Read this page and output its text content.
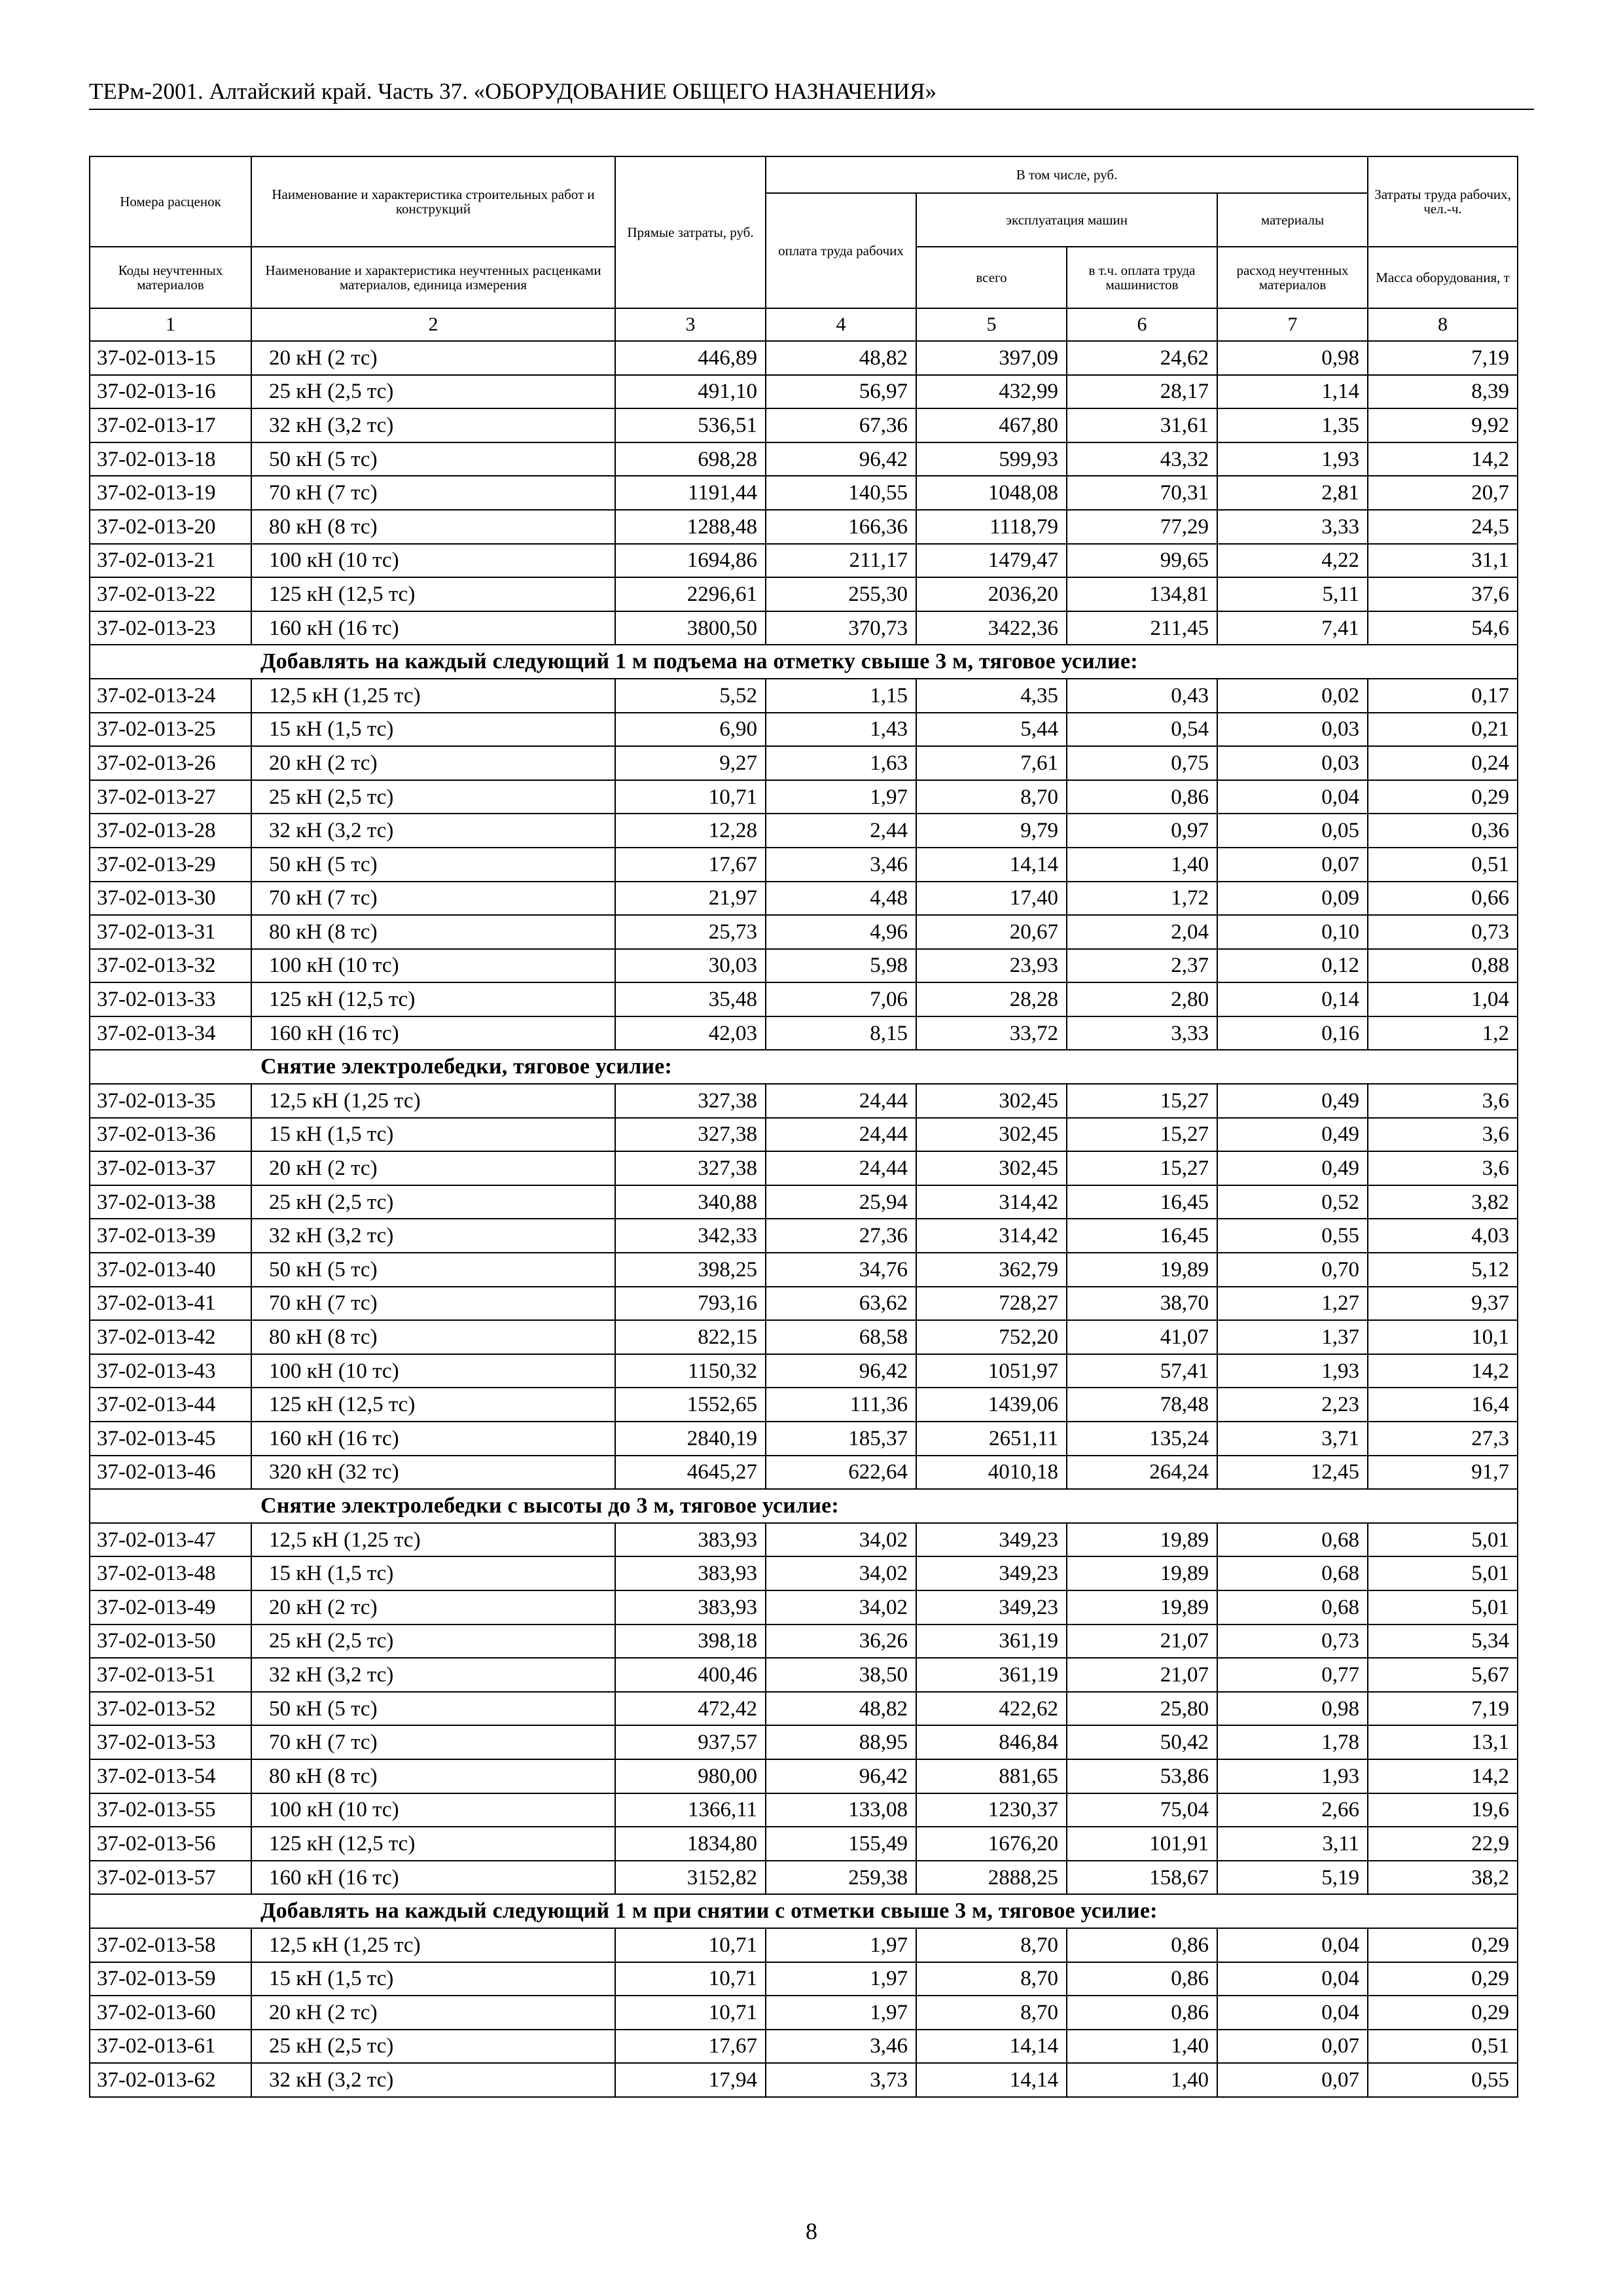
ТЕРм-2001. Алтайский край. Часть 37. «ОБОРУДОВАНИЕ ОБЩЕГО НАЗНАЧЕНИЯ»
Номера расценок	Наименование и характеристика строительных работ и конструкций	Прямые затраты, руб.	В том числе, руб.				Затраты труда рабочих, чел.-ч.
			оплата труда рабочих	эксплуатация машин		материалы	
Коды неучтенных материалов	Наименование и характеристика неучтенных расценками материалов, единица измерения			всего	в т.ч. оплата труда машинистов	расход неучтенных материалов	Масса оборудования, т
1	2	3	4	5	6	7	8
37-02-013-15	20 кН (2 тс)	446,89	48,82	397,09	24,62	0,98	7,19
37-02-013-16	25 кН (2,5 тс)	491,10	56,97	432,99	28,17	1,14	8,39
37-02-013-17	32 кН (3,2 тс)	536,51	67,36	467,80	31,61	1,35	9,92
37-02-013-18	50 кН (5 тс)	698,28	96,42	599,93	43,32	1,93	14,2
37-02-013-19	70 кН (7 тс)	1191,44	140,55	1048,08	70,31	2,81	20,7
37-02-013-20	80 кН (8 тс)	1288,48	166,36	1118,79	77,29	3,33	24,5
37-02-013-21	100 кН (10 тс)	1694,86	211,17	1479,47	99,65	4,22	31,1
37-02-013-22	125 кН (12,5 тс)	2296,61	255,30	2036,20	134,81	5,11	37,6
37-02-013-23	160 кН (16 тс)	3800,50	370,73	3422,36	211,45	7,41	54,6
Добавлять на каждый следующий 1 м подъема на отметку свыше 3 м, тяговое усилие:							
37-02-013-24	12,5 кН (1,25 тс)	5,52	1,15	4,35	0,43	0,02	0,17
37-02-013-25	15 кН (1,5 тс)	6,90	1,43	5,44	0,54	0,03	0,21
37-02-013-26	20 кН (2 тс)	9,27	1,63	7,61	0,75	0,03	0,24
37-02-013-27	25 кН (2,5 тс)	10,71	1,97	8,70	0,86	0,04	0,29
37-02-013-28	32 кН (3,2 тс)	12,28	2,44	9,79	0,97	0,05	0,36
37-02-013-29	50 кН (5 тс)	17,67	3,46	14,14	1,40	0,07	0,51
37-02-013-30	70 кН (7 тс)	21,97	4,48	17,40	1,72	0,09	0,66
37-02-013-31	80 кН (8 тс)	25,73	4,96	20,67	2,04	0,10	0,73
37-02-013-32	100 кН (10 тс)	30,03	5,98	23,93	2,37	0,12	0,88
37-02-013-33	125 кН (12,5 тс)	35,48	7,06	28,28	2,80	0,14	1,04
37-02-013-34	160 кН (16 тс)	42,03	8,15	33,72	3,33	0,16	1,2
Снятие электролебедки, тяговое усилие:							
37-02-013-35	12,5 кН (1,25 тс)	327,38	24,44	302,45	15,27	0,49	3,6
37-02-013-36	15 кН (1,5 тс)	327,38	24,44	302,45	15,27	0,49	3,6
37-02-013-37	20 кН (2 тс)	327,38	24,44	302,45	15,27	0,49	3,6
37-02-013-38	25 кН (2,5 тс)	340,88	25,94	314,42	16,45	0,52	3,82
37-02-013-39	32 кН (3,2 тс)	342,33	27,36	314,42	16,45	0,55	4,03
37-02-013-40	50 кН (5 тс)	398,25	34,76	362,79	19,89	0,70	5,12
37-02-013-41	70 кН (7 тс)	793,16	63,62	728,27	38,70	1,27	9,37
37-02-013-42	80 кН (8 тс)	822,15	68,58	752,20	41,07	1,37	10,1
37-02-013-43	100 кН (10 тс)	1150,32	96,42	1051,97	57,41	1,93	14,2
37-02-013-44	125 кН (12,5 тс)	1552,65	111,36	1439,06	78,48	2,23	16,4
37-02-013-45	160 кН (16 тс)	2840,19	185,37	2651,11	135,24	3,71	27,3
37-02-013-46	320 кН (32 тс)	4645,27	622,64	4010,18	264,24	12,45	91,7
Снятие электролебедки с высоты до 3 м, тяговое усилие:							
37-02-013-47	12,5 кН (1,25 тс)	383,93	34,02	349,23	19,89	0,68	5,01
37-02-013-48	15 кН (1,5 тс)	383,93	34,02	349,23	19,89	0,68	5,01
37-02-013-49	20 кН (2 тс)	383,93	34,02	349,23	19,89	0,68	5,01
37-02-013-50	25 кН (2,5 тс)	398,18	36,26	361,19	21,07	0,73	5,34
37-02-013-51	32 кН (3,2 тс)	400,46	38,50	361,19	21,07	0,77	5,67
37-02-013-52	50 кН (5 тс)	472,42	48,82	422,62	25,80	0,98	7,19
37-02-013-53	70 кН (7 тс)	937,57	88,95	846,84	50,42	1,78	13,1
37-02-013-54	80 кН (8 тс)	980,00	96,42	881,65	53,86	1,93	14,2
37-02-013-55	100 кН (10 тс)	1366,11	133,08	1230,37	75,04	2,66	19,6
37-02-013-56	125 кН (12,5 тс)	1834,80	155,49	1676,20	101,91	3,11	22,9
37-02-013-57	160 кН (16 тс)	3152,82	259,38	2888,25	158,67	5,19	38,2
Добавлять на каждый следующий 1 м при снятии с отметки свыше 3 м, тяговое усилие:							
37-02-013-58	12,5 кН (1,25 тс)	10,71	1,97	8,70	0,86	0,04	0,29
37-02-013-59	15 кН (1,5 тс)	10,71	1,97	8,70	0,86	0,04	0,29
37-02-013-60	20 кН (2 тс)	10,71	1,97	8,70	0,86	0,04	0,29
37-02-013-61	25 кН (2,5 тс)	17,67	3,46	14,14	1,40	0,07	0,51
37-02-013-62	32 кН (3,2 тс)	17,94	3,73	14,14	1,40	0,07	0,55
8
